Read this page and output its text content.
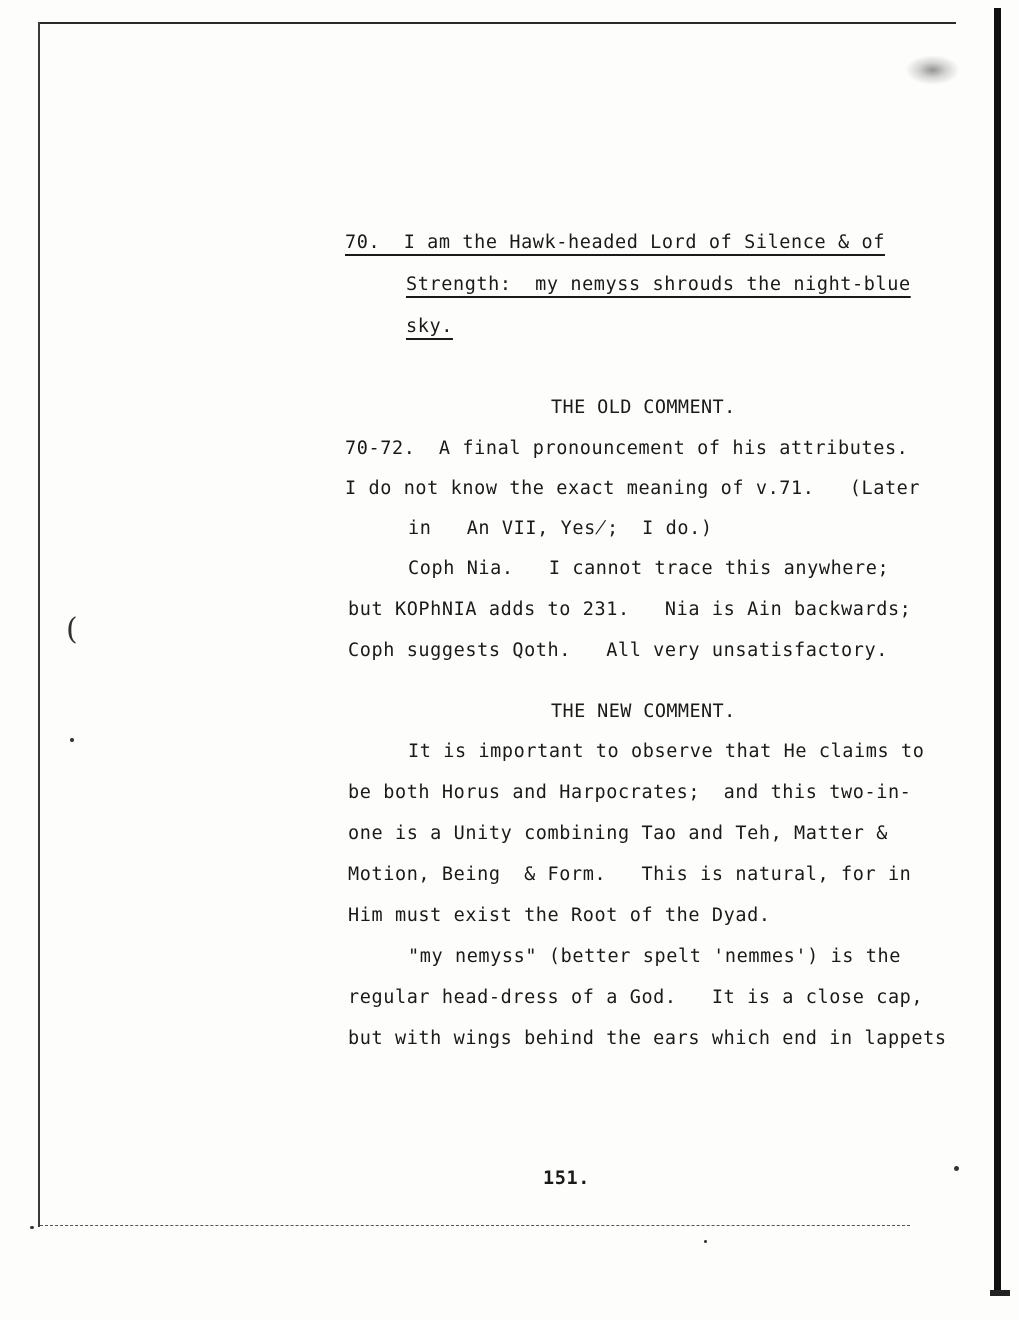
(
70.  I am the Hawk-headed Lord of Silence & of
Strength:  my nemyss shrouds the night-blue
sky.
THE OLD COMMENT.
70-72.  A final pronouncement of his attributes.
I do not know the exact meaning of v.71.   (Later
in   An VII, Yes̸;  I do.)
Coph Nia.   I cannot trace this anywhere;
but KOPhNIA adds to 231.   Nia is Ain backwards;
Coph suggests Qoth.   All very unsatisfactory.
THE NEW COMMENT.
It is important to observe that He claims to
be both Horus and Harpocrates;  and this two-in-
one is a Unity combining Tao and Teh, Matter &
Motion, Being  & Form.   This is natural, for in
Him must exist the Root of the Dyad.
"my nemyss" (better spelt 'nemmes') is the
regular head-dress of a God.   It is a close cap,
but with wings behind the ears which end in lappets
151.
